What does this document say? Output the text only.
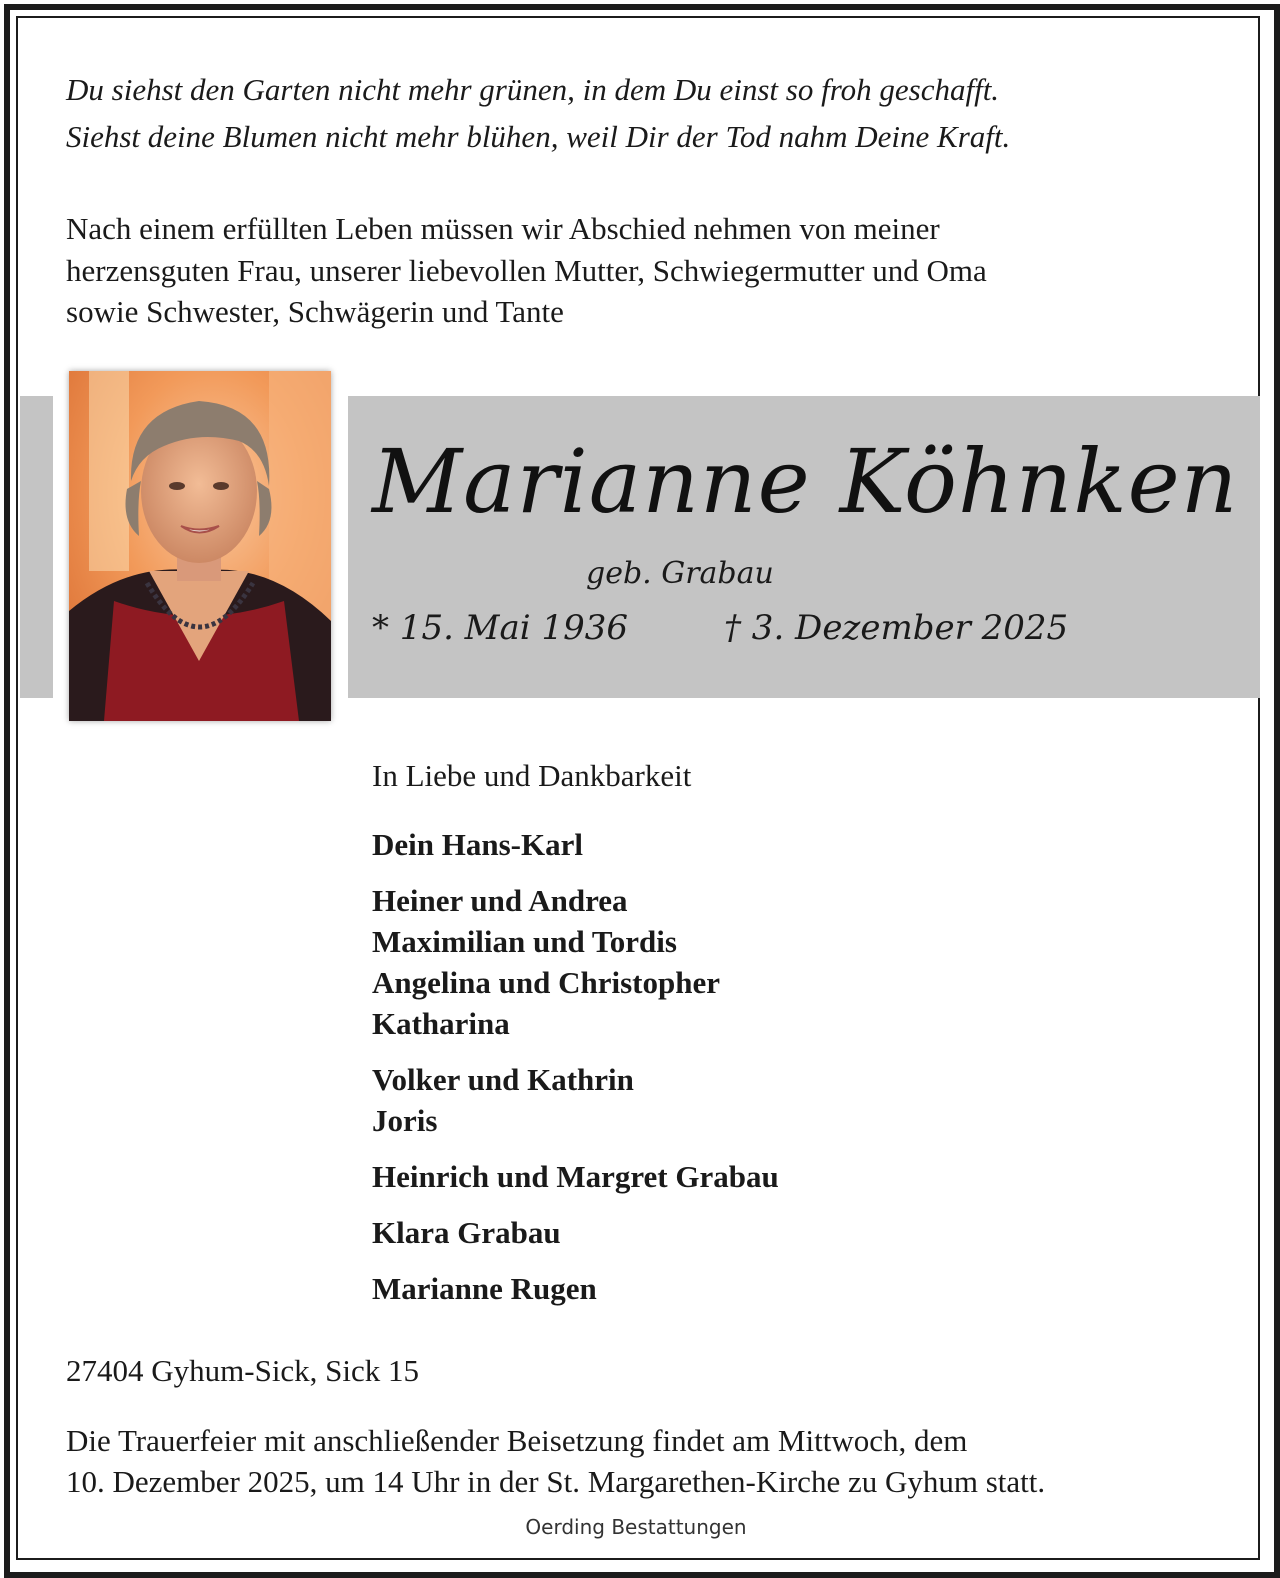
Du siehst den Garten nicht mehr grünen, in dem Du einst so froh geschafft.
Siehst deine Blumen nicht mehr blühen, weil Dir der Tod nahm Deine Kraft.
Nach einem erfüllten Leben müssen wir Abschied nehmen von meiner
herzensguten Frau, unserer liebevollen Mutter, Schwiegermutter und Oma
sowie Schwester, Schwägerin und Tante
Marianne Köhnken
geb. Grabau
* 15. Mai 1936	† 3. Dezember 2025
In Liebe und Dankbarkeit
Dein Hans-Karl
Heiner und Andrea
Maximilian und Tordis
Angelina und Christopher
Katharina
Volker und Kathrin
Joris
Heinrich und Margret Grabau
Klara Grabau
Marianne Rugen
27404 Gyhum-Sick, Sick 15
Die Trauerfeier mit anschließender Beisetzung findet am Mittwoch, dem
10. Dezember 2025, um 14 Uhr in der St. Margarethen-Kirche zu Gyhum statt.
Oerding Bestattungen
